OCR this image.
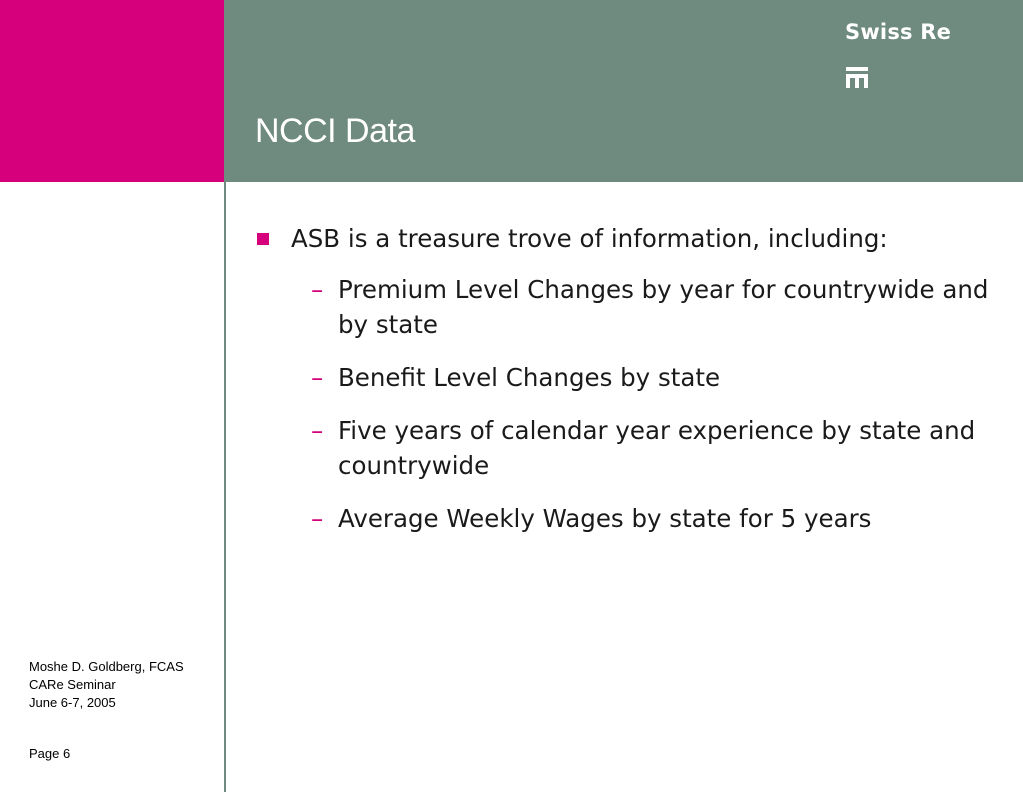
Swiss Re
NCCI Data
ASB is a treasure trove of information, including:
– Premium Level Changes by year for countrywide and by state
– Benefit Level Changes by state
– Five years of calendar year experience by state and countrywide
– Average Weekly Wages by state for 5 years
Moshe D. Goldberg, FCAS
CARe Seminar
June 6-7, 2005
Page 6
